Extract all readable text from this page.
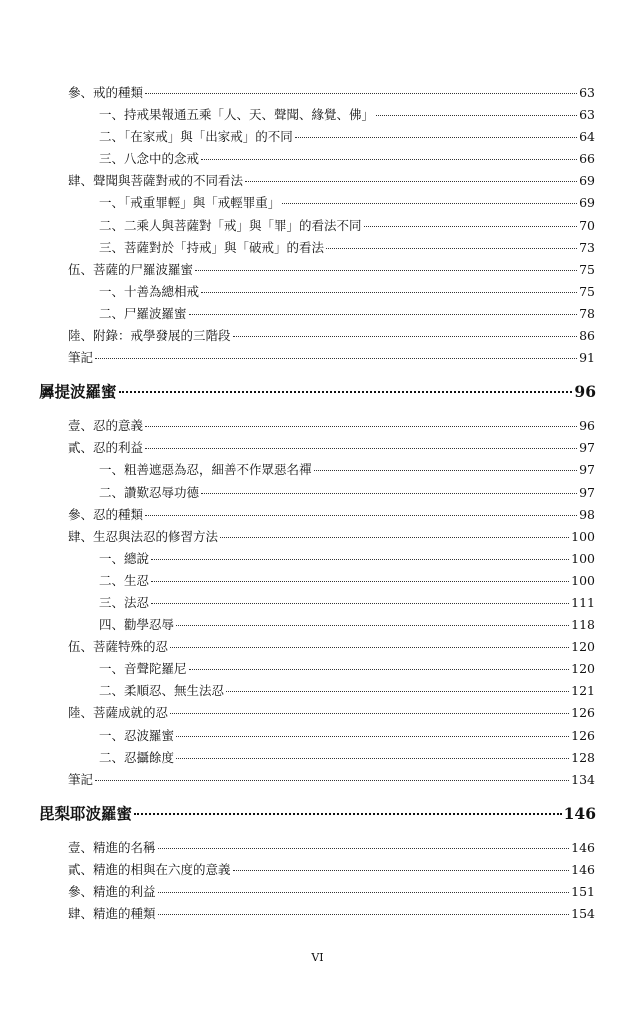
參、戒的種類	63
一、持戒果報通五乘「人、天、聲聞、緣覺、佛」	63
二、「在家戒」與「出家戒」的不同	64
三、八念中的念戒	66
肆、聲聞與菩薩對戒的不同看法	69
一、「戒重罪輕」與「戒輕罪重」	69
二、二乘人與菩薩對「戒」與「罪」的看法不同	70
三、菩薩對於「持戒」與「破戒」的看法	73
伍、菩薩的尸羅波羅蜜	75
一、十善為總相戒	75
二、尸羅波羅蜜	78
陸、附錄：戒學發展的三階段	86
筆記	91
羼提波羅蜜	96
壹、忍的意義	96
貳、忍的利益	97
一、粗善遮惡為忍，細善不作眾惡名禪	97
二、讚歎忍辱功德	97
參、忍的種類	98
肆、生忍與法忍的修習方法	100
一、總說	100
二、生忍	100
三、法忍	111
四、勸學忍辱	118
伍、菩薩特殊的忍	120
一、音聲陀羅尼	120
二、柔順忍、無生法忍	121
陸、菩薩成就的忍	126
一、忍波羅蜜	126
二、忍攝餘度	128
筆記	134
毘梨耶波羅蜜	146
壹、精進的名稱	146
貳、精進的相與在六度的意義	146
參、精進的利益	151
肆、精進的種類	154
VI
